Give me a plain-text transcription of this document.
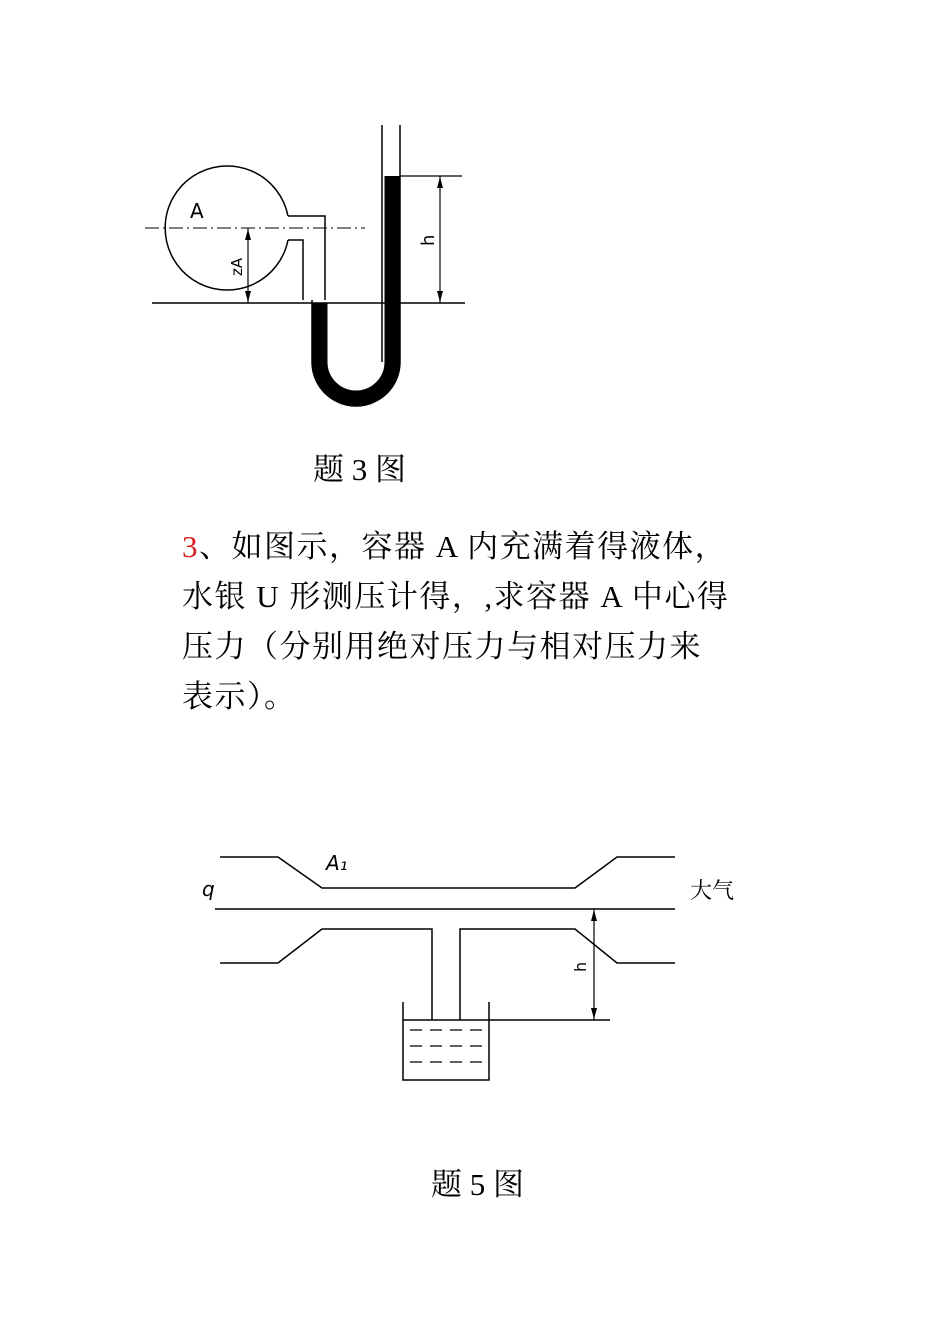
A
zA
h
题 3 图
3、如图示，容器 A 内充满着得液体，
水银 U 形测压计得，,求容器 A 中心得
压力（分别用绝对压力与相对压力来
表示）。
q
A₁
大气
h
题 5 图
